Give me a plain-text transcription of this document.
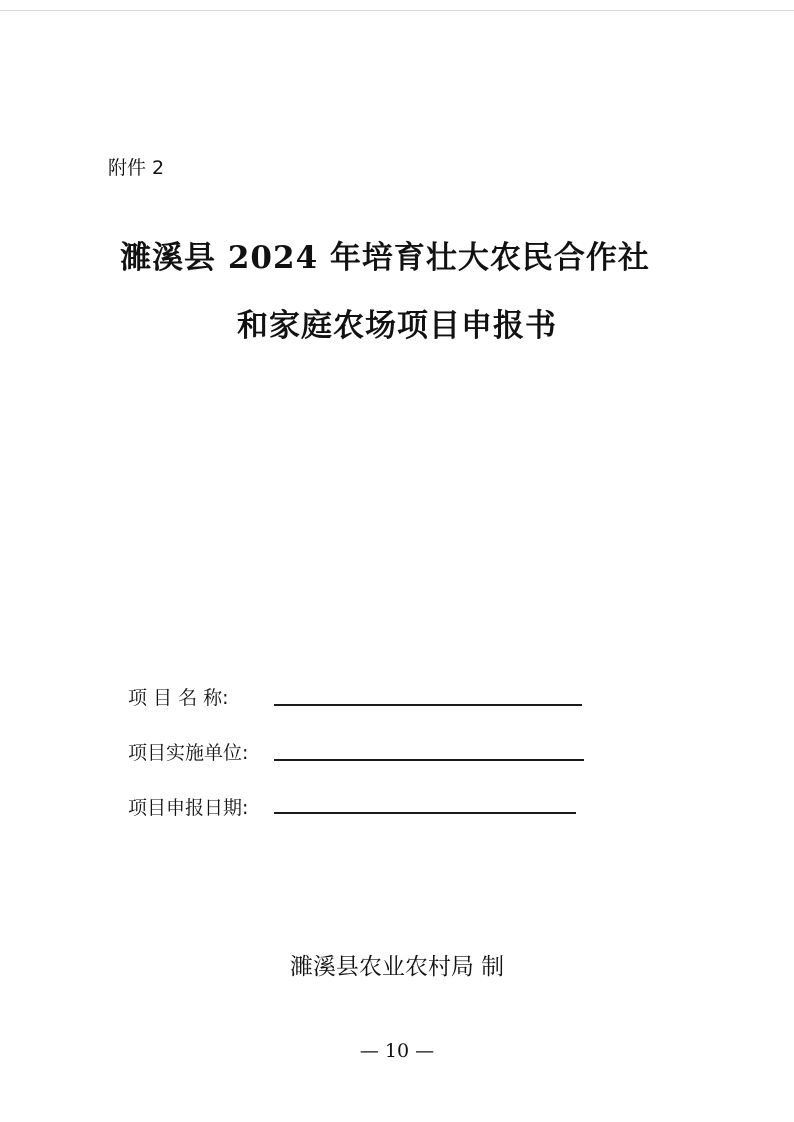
附件 2
濉溪县 2024 年培育壮大农民合作社
和家庭农场项目申报书
项 目 名 称:
项目实施单位:
项目申报日期:
濉溪县农业农村局 制
— 10 —
